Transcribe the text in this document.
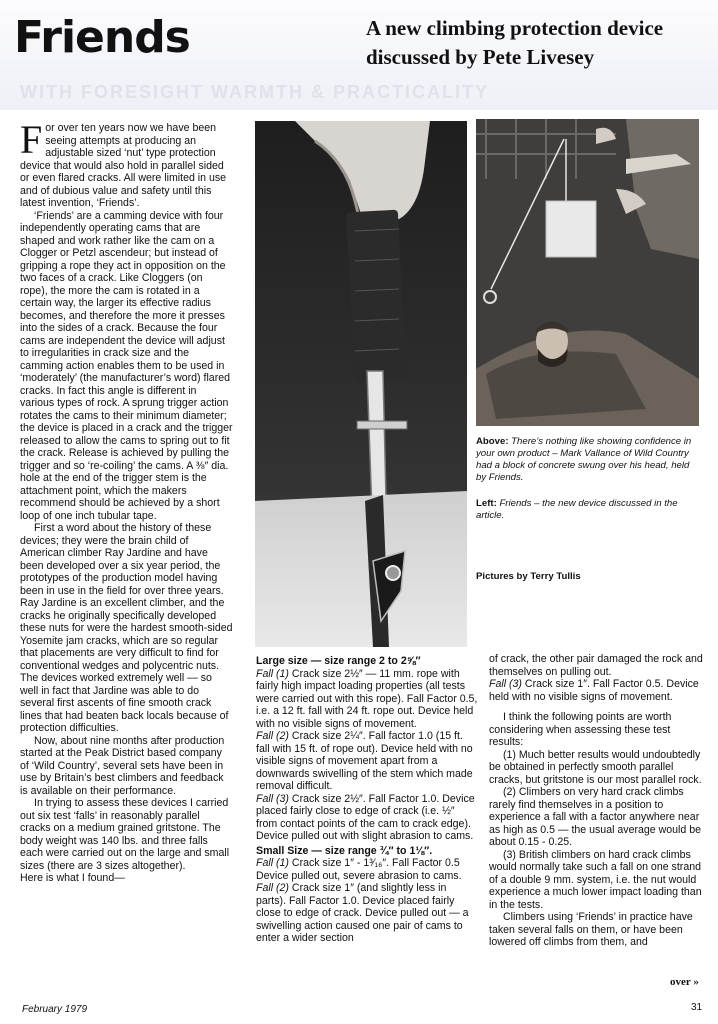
WITH FORESIGHT WARMTH & PRACTICALITY
Friends	A new climbing protection device
discussed by Pete Livesey

For over ten years now we have been seeing attempts at producing an adjustable sized ‘nut’ type protection device that would also hold in parallel sided or even flared cracks. All were limited in use and of dubious value and safety until this latest invention, ‘Friends’.

‘Friends’ are a camming device with four independently operating cams that are shaped and work rather like the cam on a Clogger or Petzl ascendeur; but instead of gripping a rope they act in opposition on the two faces of a crack. Like Cloggers (on rope), the more the cam is rotated in a certain way, the larger its effective radius becomes, and therefore the more it presses into the sides of a crack. Because the four cams are independent the device will adjust to irregularities in crack size and the camming action enables them to be used in ‘moderately’ (the manufacturer’s word) flared cracks. In fact this angle is different in various types of rock. A sprung trigger action rotates the cams to their minimum diameter; the device is placed in a crack and the trigger released to allow the cams to spring out to fit the crack. Release is achieved by pulling the trigger and so ‘re-coiling’ the cams. A ⅜″ dia. hole at the end of the trigger stem is the attachment point, which the makers recommend should be achieved by a short loop of one inch tubular tape.

First a word about the history of these devices; they were the brain child of American climber Ray Jardine and have been developed over a six year period, the prototypes of the production model having been in use in the field for over three years. Ray Jardine is an excellent climber, and the cracks he originally specifically developed these nuts for were the hardest smooth-sided Yosemite jam cracks, which are so regular that placements are very difficult to find for conventional wedges and polycentric nuts. The devices worked extremely well — so well in fact that Jardine was able to do several first ascents of fine smooth crack lines that had beaten back locals because of protection difficulties.

Now, about nine months after production started at the Peak District based company of ‘Wild Country’, several sets have been in use by Britain’s best climbers and feedback is available on their performance.

In trying to assess these devices I carried out six test ‘falls’ in reasonably parallel cracks on a medium grained gritstone. The body weight was 140 lbs. and three falls each were carried out on the large and small sizes (there are 3 sizes altogether).

Here is what I found—

Above: There’s nothing like showing confidence in your own product – Mark Vallance of Wild Country had a block of concrete swung over his head, held by Friends.
Left: Friends – the new device discussed in the article.
Pictures by Terry Tullis

Large size — size range 2 to 2⅝″

Fall (1) Crack size 2½″ — 11 mm. rope with fairly high impact loading properties (all tests were carried out with this rope). Fall Factor 0.5, i.e. a 12 ft. fall with 24 ft. rope out. Device held with no visible signs of movement.

Fall (2) Crack size 2¼″. Fall factor 1.0 (15 ft. fall with 15 ft. of rope out). Device held with no visible signs of movement apart from a downwards swivelling of the stem which made removal difficult.

Fall (3) Crack size 2½″. Fall Factor 1.0. Device placed fairly close to edge of crack (i.e. ½″ from contact points of the cam to crack edge). Device pulled out with slight abrasion to cams.

Small Size — size range ¾″ to 1⅛″.

Fall (1) Crack size 1″ - 1³⁄₁₆″. Fall Factor 0.5 Device pulled out, severe abrasion to cams.

Fall (2) Crack size 1″ (and slightly less in parts). Fall Factor 1.0. Device placed fairly close to edge of crack. Device pulled out — a swivelling action caused one pair of cams to enter a wider section

of crack, the other pair damaged the rock and themselves on pulling out.

Fall (3) Crack size 1″. Fall Factor 0.5. Device held with no visible signs of movement.

I think the following points are worth considering when assessing these test results:

(1) Much better results would undoubtedly be obtained in perfectly smooth parallel cracks, but gritstone is our most parallel rock.

(2) Climbers on very hard crack climbs rarely find themselves in a position to experience a fall with a factor anywhere near as high as 0.5 — the usual average would be about 0.15 - 0.25.

(3) British climbers on hard crack climbs would normally take such a fall on one strand of a double 9 mm. system, i.e. the nut would experience a much lower impact loading than in the tests.

Climbers using ‘Friends’ in practice have taken several falls on them, or have been lowered off climbs from them, and

over »
February 1979	31
